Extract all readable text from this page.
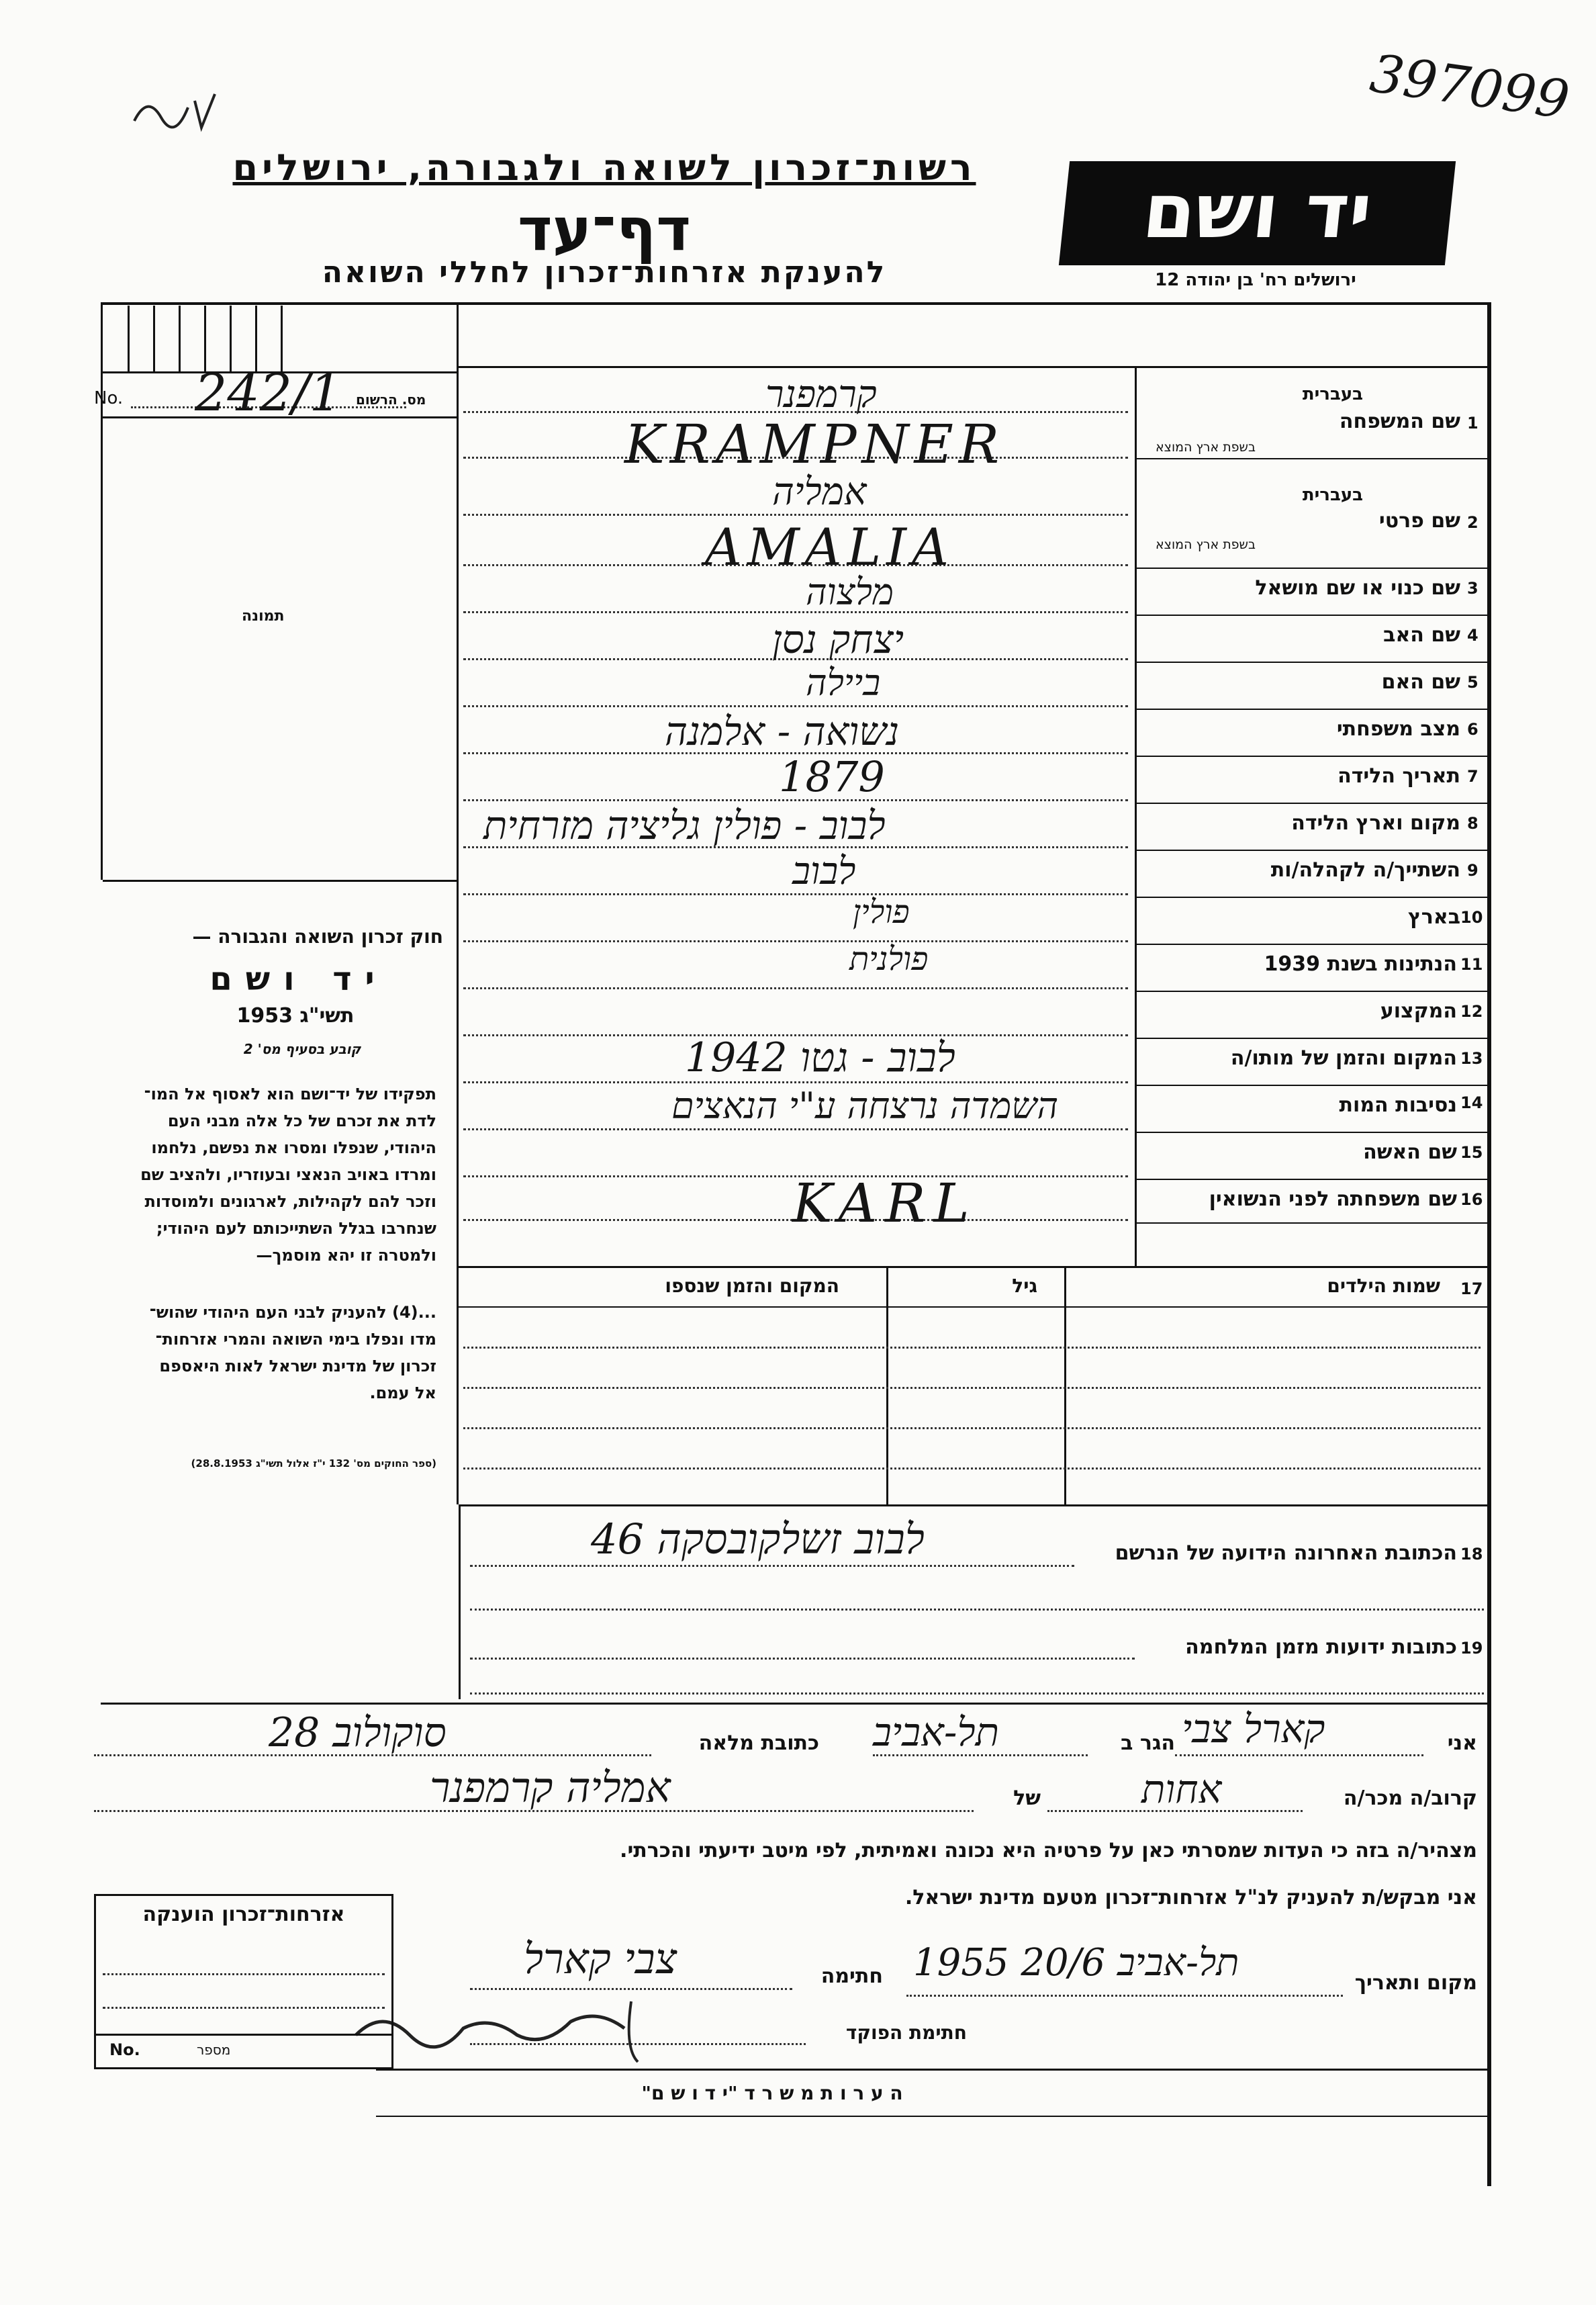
397099
רשות־זכרון לשואה ולגבורה, ירושלים
דף־עד
להענקת אזרחות־זכרון לחללי השואה
יד ושם
ירושלים רח' בן יהודה 12
No.	מס. הרשום
242/1
תמונה
בעברית
שם המשפחה 1
בשפת ארץ המוצא
קרמפנר
KRAMPNER
בעברית
שם פרטי 2
בשפת ארץ המוצא
אמליה
AMALIA
שם כנוי או שם מושאל 3
מלצוה
שם האב 4
יצחק נסן
שם האם 5
ביילה
מצב משפחתי 6
נשואה - אלמנה
תאריך הלידה 7
1879
מקום וארץ הלידה 8
לבוב - פולין גליציה מזרחית
השתייך/ה לקהלה/ות 9
לבוב
בארץ 10
פולין
הנתינות בשנת 1939 11
פולנית
המקצוע 12
המקום והזמן של מותו/ה 13
1942 לבוב - גטו
נסיבות המות 14
השמדה נרצחה ע"י הנאצים
שם האשה 15
שם משפחתה לפני הנשואין 16
KARL
17
שמות הילדים
גיל
המקום והזמן שנספו
חוק זכרון השואה והגבורה —
יד ושם
תשי"ג 1953
קובע בסעיף מס' 2
תפקידו של יד־ושם הוא לאסוף אל המו־
לדת את זכרם של כל אלה מבני העם
היהודי, שנפלו ומסרו את נפשם, נלחמו
ומרדו באויב הנאצי ובעוזריו, ולהציב שם
וזכר להם לקהילות, לארגונים ולמוסדות
שנחרבו בגלל השתייכותם לעם היהודי;
ולמטרה זו יהא מוסמך—
...(4) להעניק לבני העם היהודי שהוש־
מדו ונפלו בימי השואה והמרי אזרחות־
זכרון של מדינת ישראל לאות היאספם
אל עמם.
(ספר החוקים מס' 132 י"ז אלול תשי"ג 28.8.1953)
18
הכתובת האחרונה הידועה של הנרשם
לבוב זשלקובסקה 46
19
כתובות ידועות מזמן המלחמה
אני
קארל צבי
הגר ב
תל-אביב
כתובת מלאה
סוקולוב 28
קרוב/ה מכר/ה
אחות
של
אמליה קרמפנר
מצהיר/ה בזה כי העדות שמסרתי כאן על פרטיה היא נכונה ואמיתית, לפי מיטב ידיעתי והכרתי.
אני מבקש/ת להעניק לנ"ל אזרחות־זכרון מטעם מדינת ישראל.
מקום ותאריך
תל-אביב 20/6 1955
חתימה
צבי קארל
חתימת הפוקד
אזרחות־זכרון הוענקה
No.	מספר
ה ע ר ו ת מ ש ר ד "י ד ו ש ם"
